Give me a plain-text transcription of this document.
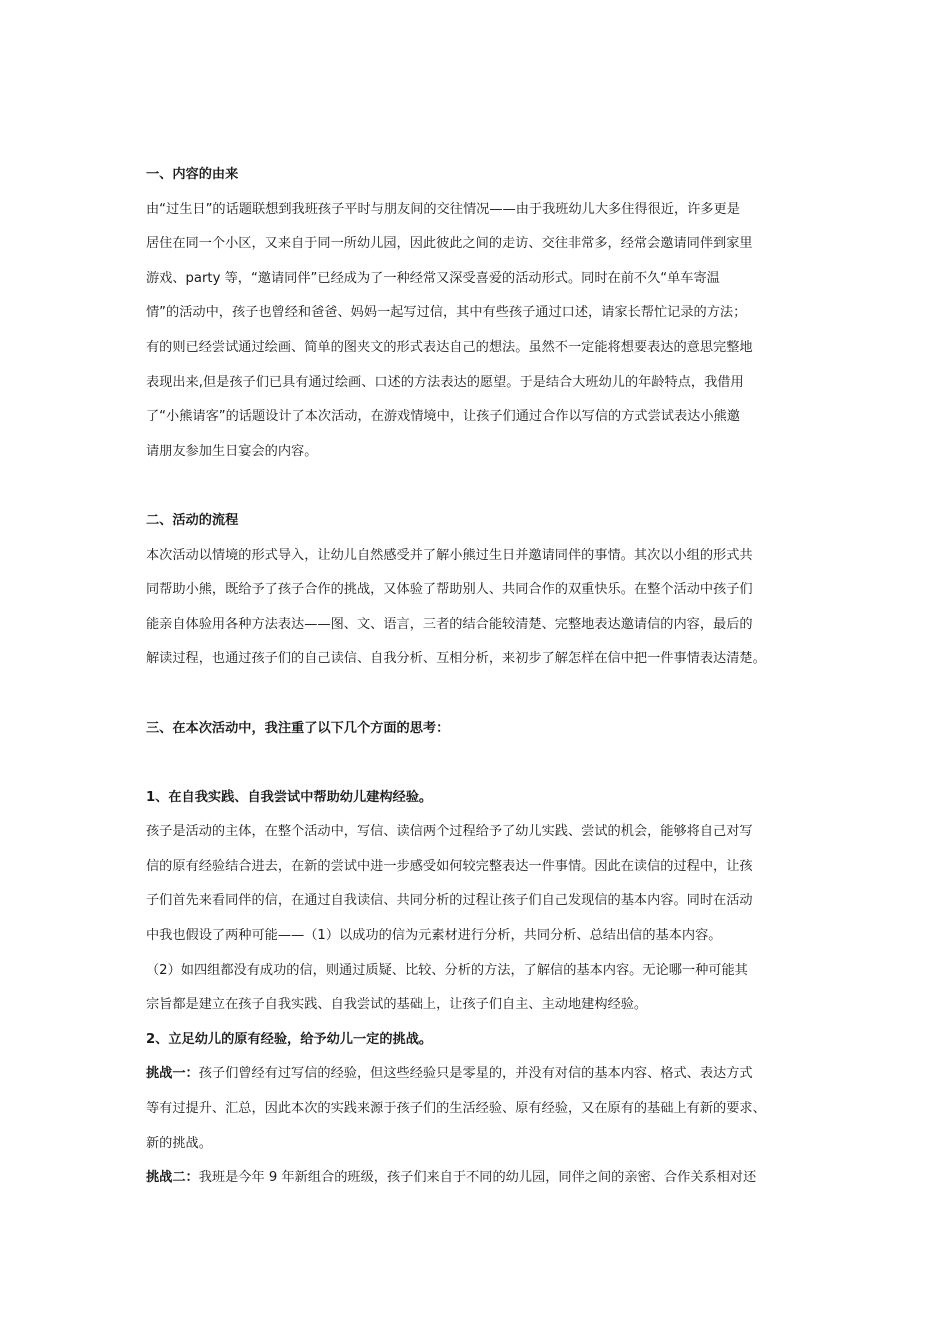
一、内容的由来
由“过生日”的话题联想到我班孩子平时与朋友间的交往情况——由于我班幼儿大多住得很近，许多更是
居住在同一个小区，又来自于同一所幼儿园，因此彼此之间的走访、交往非常多，经常会邀请同伴到家里
游戏、party 等，“邀请同伴”已经成为了一种经常又深受喜爱的活动形式。同时在前不久“单车寄温
情”的活动中，孩子也曾经和爸爸、妈妈一起写过信，其中有些孩子通过口述，请家长帮忙记录的方法；
有的则已经尝试通过绘画、简单的图夹文的形式表达自己的想法。虽然不一定能将想要表达的意思完整地
表现出来,但是孩子们已具有通过绘画、口述的方法表达的愿望。于是结合大班幼儿的年龄特点，我借用
了“小熊请客”的话题设计了本次活动，在游戏情境中，让孩子们通过合作以写信的方式尝试表达小熊邀
请朋友参加生日宴会的内容。
二、活动的流程
本次活动以情境的形式导入，让幼儿自然感受并了解小熊过生日并邀请同伴的事情。其次以小组的形式共
同帮助小熊，既给予了孩子合作的挑战，又体验了帮助别人、共同合作的双重快乐。在整个活动中孩子们
能亲自体验用各种方法表达——图、文、语言，三者的结合能较清楚、完整地表达邀请信的内容，最后的
解读过程，也通过孩子们的自己读信、自我分析、互相分析，来初步了解怎样在信中把一件事情表达清楚。
三、在本次活动中，我注重了以下几个方面的思考：
1、在自我实践、自我尝试中帮助幼儿建构经验。
孩子是活动的主体，在整个活动中，写信、读信两个过程给予了幼儿实践、尝试的机会，能够将自己对写
信的原有经验结合进去，在新的尝试中进一步感受如何较完整表达一件事情。因此在读信的过程中，让孩
子们首先来看同伴的信，在通过自我读信、共同分析的过程让孩子们自己发现信的基本内容。同时在活动
中我也假设了两种可能——（1）以成功的信为元素材进行分析，共同分析、总结出信的基本内容。
（2）如四组都没有成功的信，则通过质疑、比较、分析的方法，了解信的基本内容。无论哪一种可能其
宗旨都是建立在孩子自我实践、自我尝试的基础上，让孩子们自主、主动地建构经验。
2、立足幼儿的原有经验，给予幼儿一定的挑战。
挑战一：孩子们曾经有过写信的经验，但这些经验只是零星的，并没有对信的基本内容、格式、表达方式
等有过提升、汇总，因此本次的实践来源于孩子们的生活经验、原有经验，又在原有的基础上有新的要求、
新的挑战。
挑战二：我班是今年 9 年新组合的班级，孩子们来自于不同的幼儿园，同伴之间的亲密、合作关系相对还
